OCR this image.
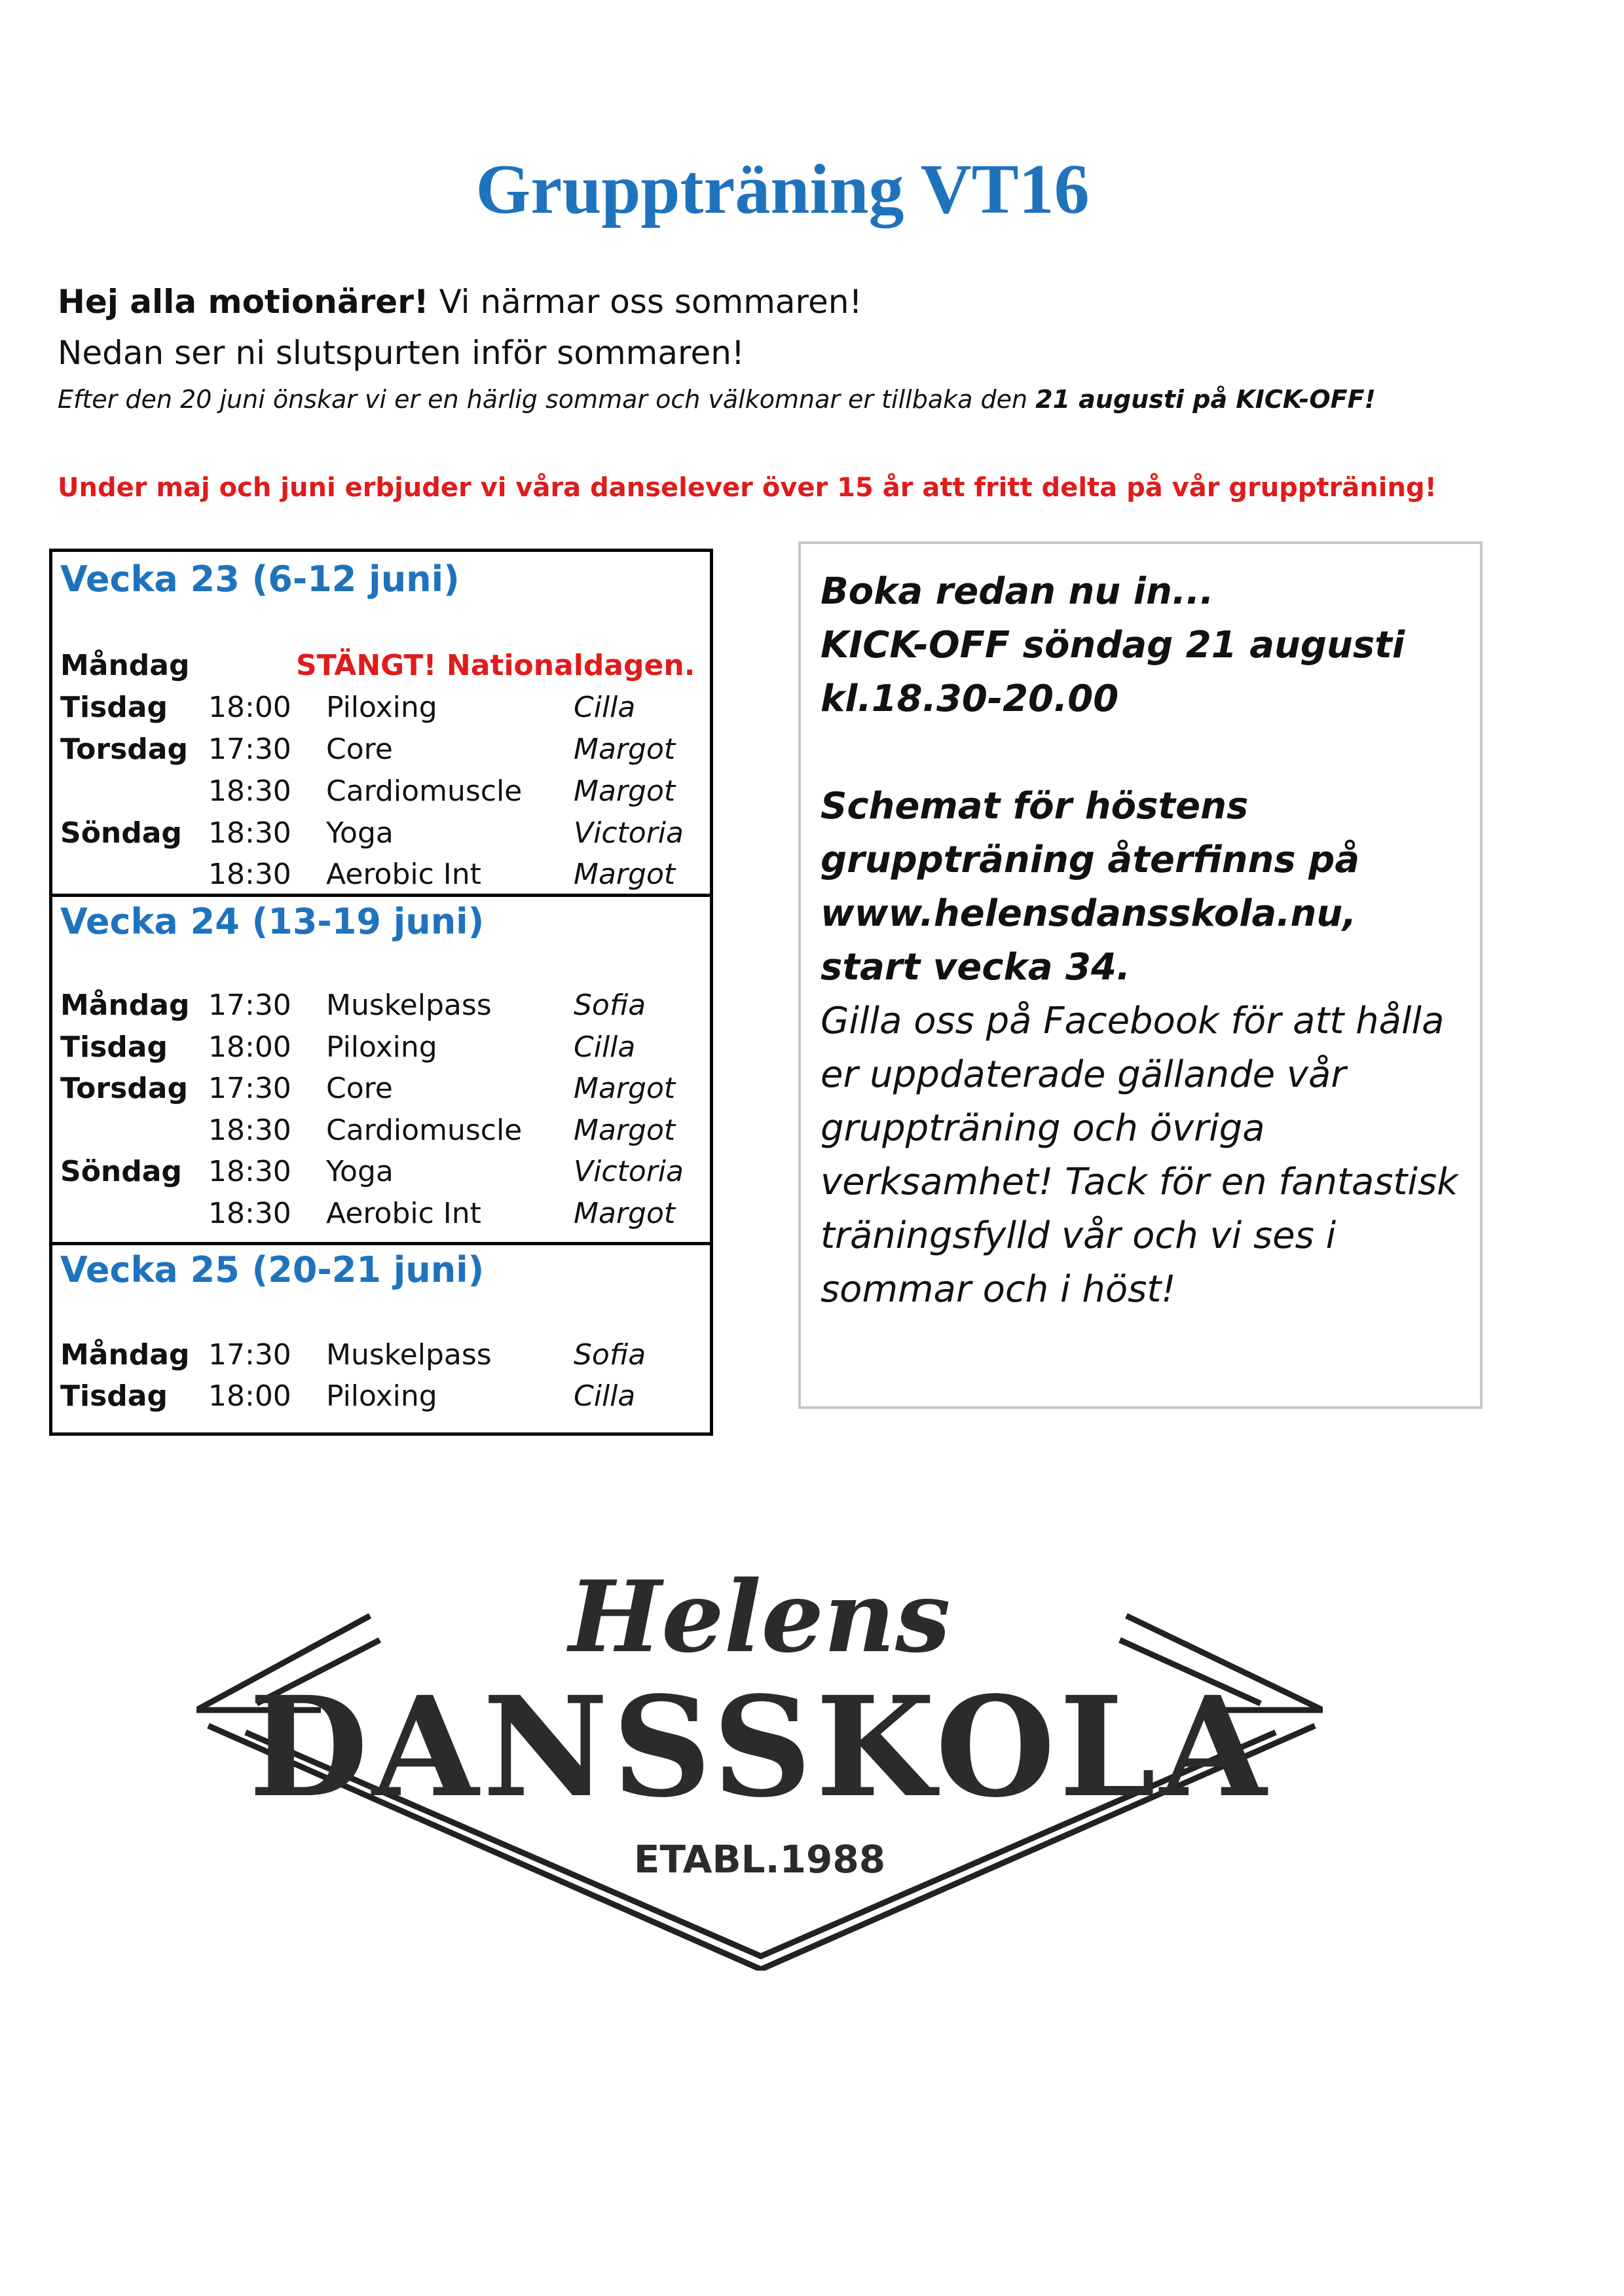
Gruppträning VT16
Hej alla motionärer! Vi närmar oss sommaren!
Nedan ser ni slutspurten inför sommaren!
Efter den 20 juni önskar vi er en härlig sommar och välkomnar er tillbaka den 21 augusti på KICK-OFF!
Under maj och juni erbjuder vi våra danselever över 15 år att fritt delta på vår gruppträning!
Vecka 23 (6-12 juni)
Måndag	STÄNGT! Nationaldagen.
Tisdag 18:00 Piloxing	Cilla
Torsdag 17:30 Core	Margot
18:30 Cardiomuscle Margot
Söndag 18:30 Yoga	Victoria
18:30 Aerobic Int	Margot
Vecka 24 (13-19 juni)
Måndag 17:30 Muskelpass	Sofia
Tisdag 18:00 Piloxing	Cilla
Torsdag 17:30 Core	Margot
18:30 Cardiomuscle Margot
Söndag 18:30 Yoga	Victoria
18:30 Aerobic Int	Margot
Vecka 25 (20-21 juni)
Måndag 17:30 Muskelpass	Sofia
Tisdag 18:00 Piloxing	Cilla

Boka redan nu in...

KICK-OFF söndag 21 augusti

kl.18.30-20.00

Schemat för höstens gruppträning återfinns på www.helensdansskola.nu, start vecka 34.

Gilla oss på Facebook för att hålla er uppdaterade gällande vår gruppträning och övriga verksamhet! Tack för en fantastisk träningsfylld vår och vi ses i sommar och i höst!

Helens
DANSSKOLA
ETABL.1988
